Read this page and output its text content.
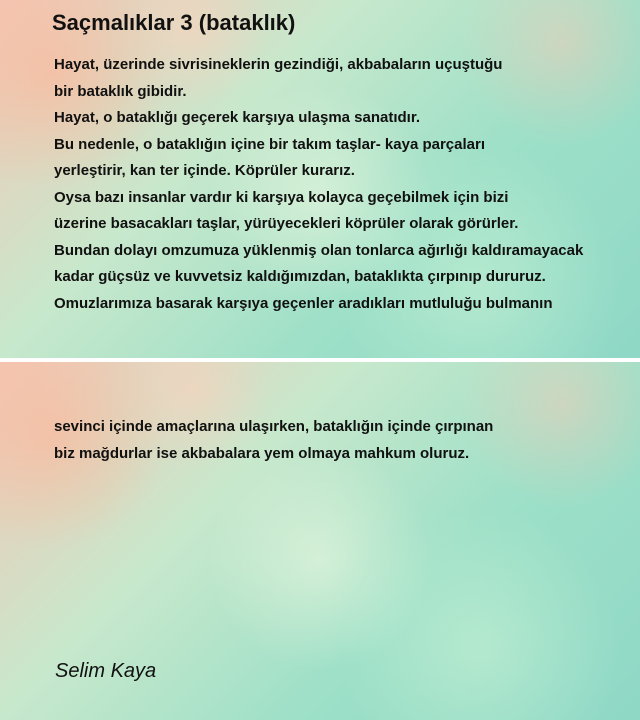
Saçmalıklar 3 (bataklık)
Hayat, üzerinde sivrisineklerin gezindiği, akbabaların uçuştuğu
bir bataklık gibidir.
Hayat, o bataklığı geçerek karşıya ulaşma sanatıdır.
Bu nedenle, o bataklığın içine bir takım taşlar- kaya parçaları
yerleştirir, kan ter içinde. Köprüler kurarız.
Oysa bazı insanlar vardır ki karşıya kolayca geçebilmek için bizi
üzerine basacakları taşlar, yürüyecekleri köprüler olarak görürler.
Bundan dolayı omzumuza yüklenmiş olan tonlarca ağırlığı kaldıramayacak
kadar güçsüz ve kuvvetsiz kaldığımızdan, bataklıkta çırpınıp dururuz.
Omuzlarımıza basarak karşıya geçenler aradıkları mutluluğu bulmanın
sevinci içinde amaçlarına ulaşırken, bataklığın içinde çırpınan
biz mağdurlar ise akbabalara yem olmaya mahkum oluruz.
Selim Kaya
